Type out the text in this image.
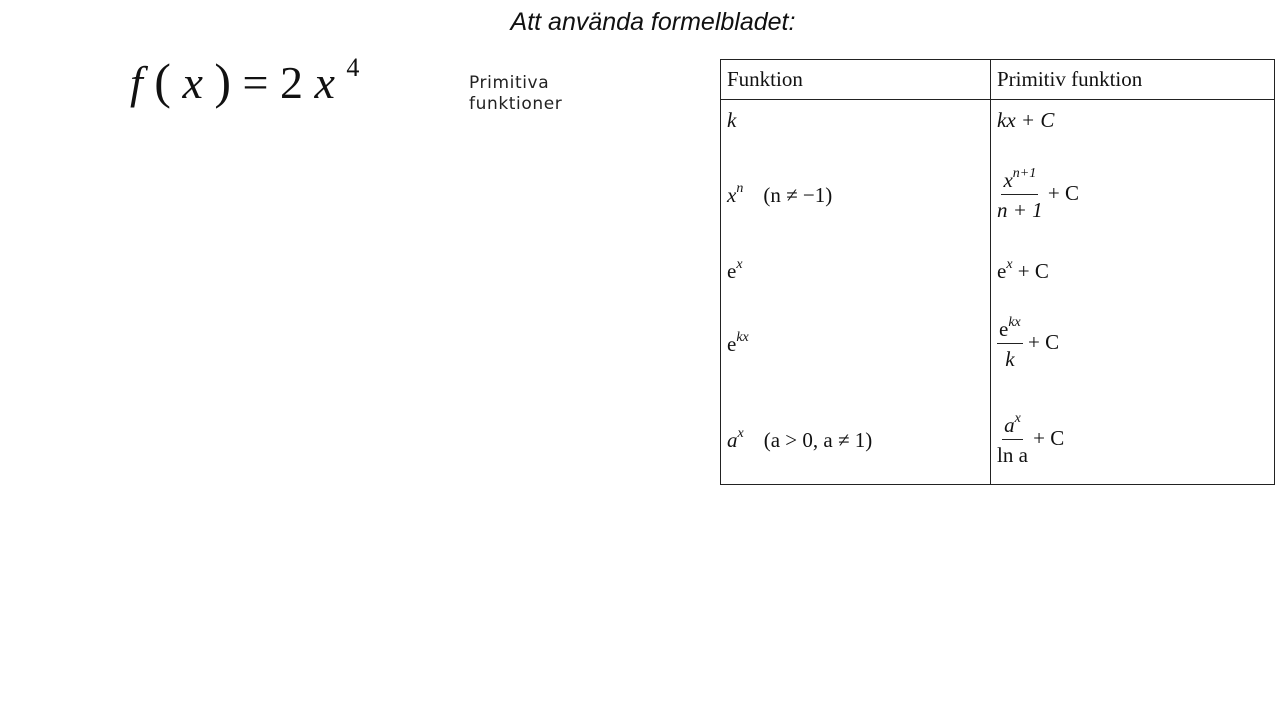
Att använda formelbladet:
f ( x ) = 2 x $^4$
Primitiva
funktioner
Funktion	Primitiv funktion
k	kx + C
$x^n$ (n ≠ −1)	$\frac{x^{n+1}}{n + 1} + C$
$e^x$	$e^x + C$
$e^{kx}$	$\frac{e^{kx}}{k} + C$
$a^x$ (a > 0, a ≠ 1)	$\frac{a^x}{\text{ln a}} + C$
